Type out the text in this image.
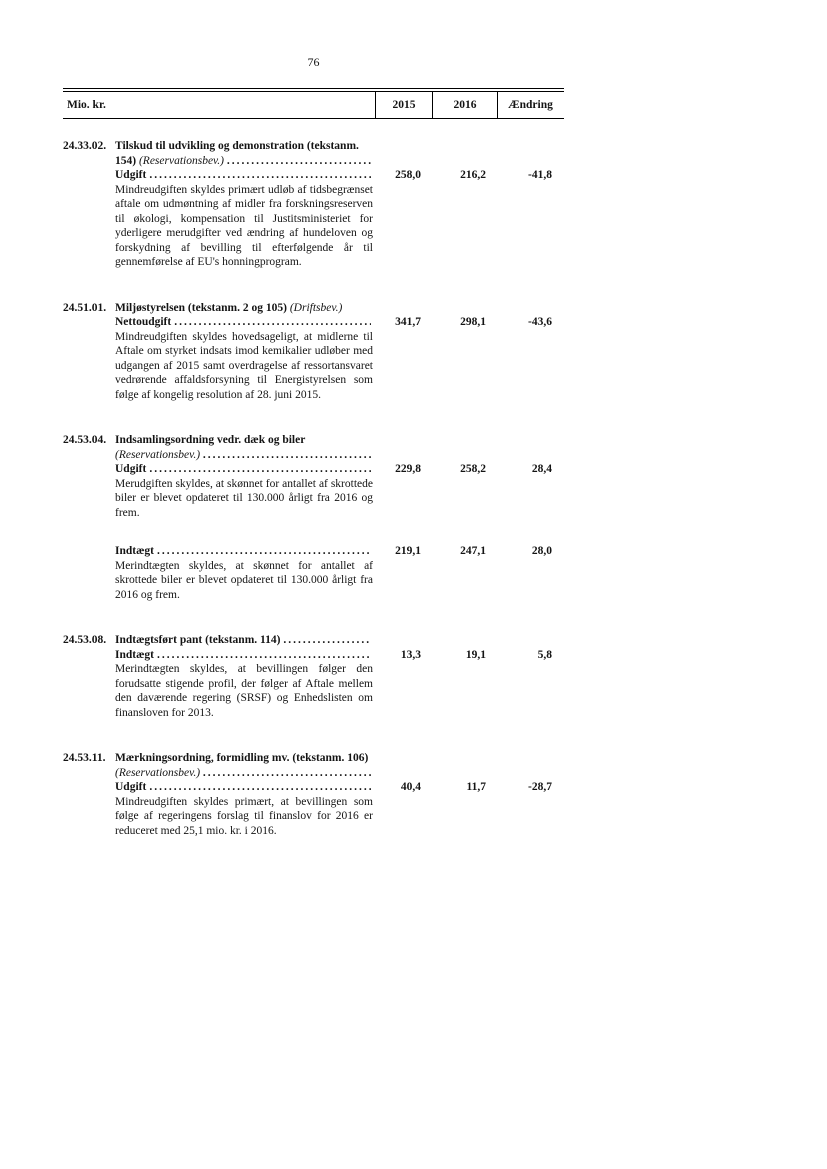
76

Mio. kr.	2015	2016	Ændring
24.33.02. Tilskud til udvikling og demonstration (tekstanm. 154) (Reservationsbev.) ..............................
Udgift .....	258,0	216,2	-41,8

Mindreudgiften skyldes primært udløb af tidsbegrænset aftale om udmøntning af midler fra forskningsreserven til økologi, kompensation til Justitsministeriet for yderligere merudgifter ved ændring af hundeloven og forskydning af bevilling til efterfølgende år til gennemførelse af EU's honningprogram.

24.51.01. Miljøstyrelsen (tekstanm. 2 og 105) (Driftsbev.)
Nettoudgift .....	341,7	298,1	-43,6

Mindreudgiften skyldes hovedsageligt, at midlerne til Aftale om styrket indsats imod kemikalier udløber med udgangen af 2015 samt overdragelse af ressortansvaret vedrørende affaldsforsyning til Energistyrelsen som følge af kongelig resolution af 28. juni 2015.

24.53.04. Indsamlingsordning vedr. dæk og biler (Reservationsbev.) ...................................
Udgift .....	229,8	258,2	28,4

Merudgiften skyldes, at skønnet for antallet af skrottede biler er blevet opdateret til 130.000 årligt fra 2016 og frem.

Indtægt .....	219,1	247,1	28,0

Merindtægten skyldes, at skønnet for antallet af skrottede biler er blevet opdateret til 130.000 årligt fra 2016 og frem.

24.53.08. Indtægtsført pant (tekstanm. 114) ..................
Indtægt .....	13,3	19,1	5,8

Merindtægten skyldes, at bevillingen følger den forudsatte stigende profil, der følger af Aftale mellem den daværende regering (SRSF) og Enhedslisten om finansloven for 2013.

24.53.11. Mærkningsordning, formidling mv. (tekstanm. 106) (Reservationsbev.) ...................................
Udgift .....	40,4	11,7	-28,7

Mindreudgiften skyldes primært, at bevillingen som følge af regeringens forslag til finanslov for 2016 er reduceret med 25,1 mio. kr. i 2016.
